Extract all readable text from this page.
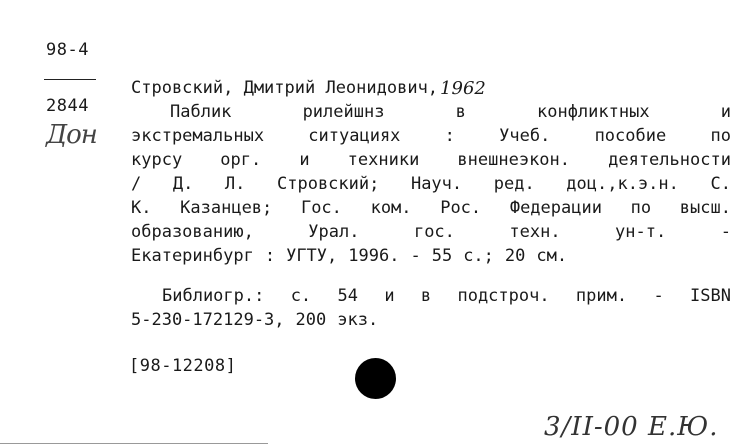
98-4
2844
Дон
Стровский, Дмитрий Леонидович, 1962
Паблик	рилейшнз	в	конфликтных	и
экстремальных	ситуациях	:	Учеб.	пособие	по
курсу орг. и техники внешнеэкон. деятельности
/ Д. Л. Стровский; Науч. ред. доц.,к.э.н. С.
К. Казанцев; Гос. ком. Рос. Федерации по высш.
образованию,	Урал.	гос.	техн.	ун-т.	-
Екатеринбург : УГТУ, 1996. - 55 с.; 20 см.
Библиогр.: с. 54 и в подстроч. прим. - ISBN
5-230-172129-3, 200 экз.
[98-12208]
3/II-00 Е.Ю.
